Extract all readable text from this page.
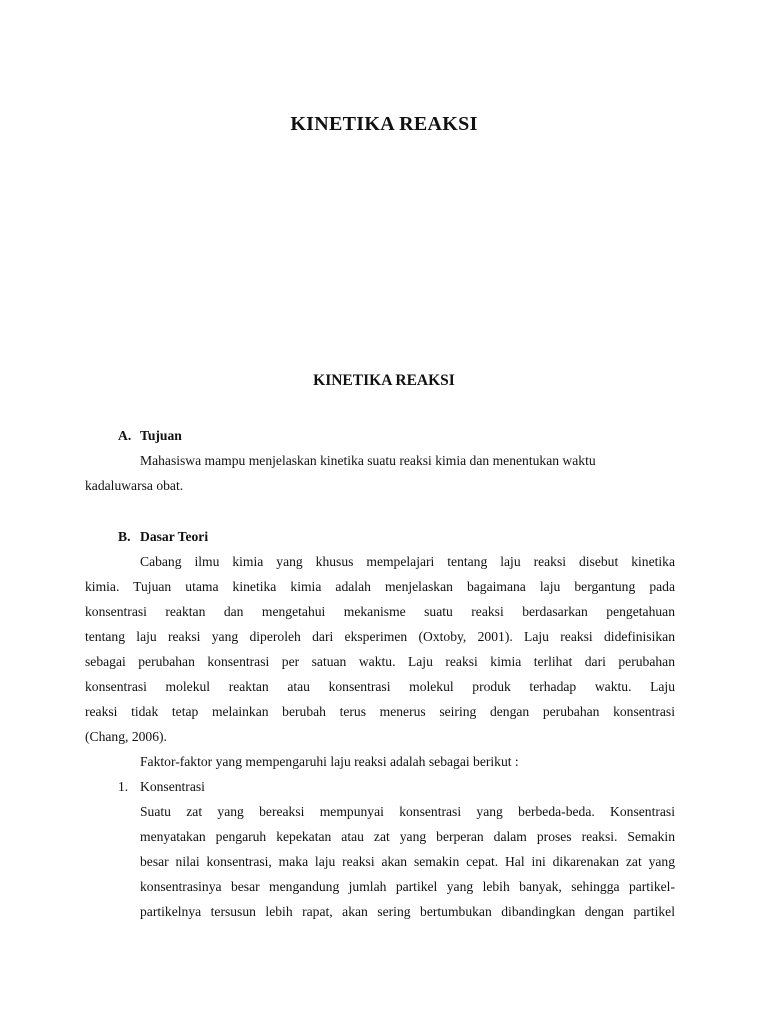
KINETIKA REAKSI
KINETIKA REAKSI
A. Tujuan
Mahasiswa mampu menjelaskan kinetika suatu reaksi kimia dan menentukan waktu
kadaluwarsa obat.
B. Dasar Teori
Cabang ilmu kimia yang khusus mempelajari tentang laju reaksi disebut kinetika
kimia. Tujuan utama kinetika kimia adalah menjelaskan bagaimana laju bergantung pada
konsentrasi reaktan dan mengetahui mekanisme suatu reaksi berdasarkan pengetahuan
tentang laju reaksi yang diperoleh dari eksperimen (Oxtoby, 2001). Laju reaksi didefinisikan
sebagai perubahan konsentrasi per satuan waktu. Laju reaksi kimia terlihat dari perubahan
konsentrasi molekul reaktan atau konsentrasi molekul produk terhadap waktu. Laju
reaksi tidak tetap melainkan berubah terus menerus seiring dengan perubahan konsentrasi
(Chang, 2006).
Faktor-faktor yang mempengaruhi laju reaksi adalah sebagai berikut :
1. Konsentrasi
Suatu zat yang bereaksi mempunyai konsentrasi yang berbeda-beda. Konsentrasi
menyatakan pengaruh kepekatan atau zat yang berperan dalam proses reaksi. Semakin
besar nilai konsentrasi, maka laju reaksi akan semakin cepat. Hal ini dikarenakan zat yang
konsentrasinya besar mengandung jumlah partikel yang lebih banyak, sehingga partikel-
partikelnya tersusun lebih rapat, akan sering bertumbukan dibandingkan dengan partikel
